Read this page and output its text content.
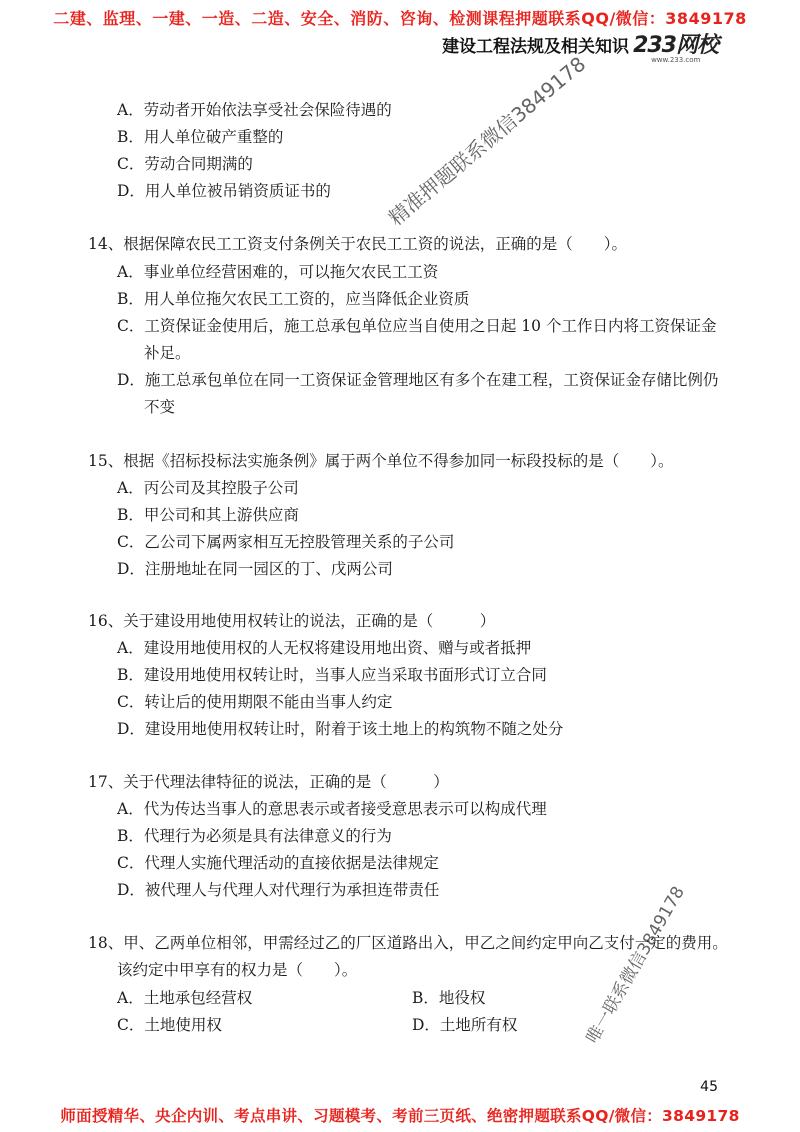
二建、监理、一建、一造、二造、安全、消防、咨询、检测课程押题联系QQ/微信：3849178
建设工程法规及相关知识 233网校
www.233.com
A．劳动者开始依法享受社会保险待遇的
B．用人单位破产重整的
C．劳动合同期满的
D．用人单位被吊销资质证书的
14、根据保障农民工工资支付条例关于农民工工资的说法，正确的是（　　）。
A．事业单位经营困难的，可以拖欠农民工工资
B．用人单位拖欠农民工工资的，应当降低企业资质
C．工资保证金使用后，施工总承包单位应当自使用之日起 10 个工作日内将工资保证金
补足。
D．施工总承包单位在同一工资保证金管理地区有多个在建工程，工资保证金存储比例仍
不变
15、根据《招标投标法实施条例》属于两个单位不得参加同一标段投标的是（　　）。
A．丙公司及其控股子公司
B．甲公司和其上游供应商
C．乙公司下属两家相互无控股管理关系的子公司
D．注册地址在同一园区的丁、戊两公司
16、关于建设用地使用权转让的说法，正确的是（　　　）
A．建设用地使用权的人无权将建设用地出资、赠与或者抵押
B．建设用地使用权转让时，当事人应当采取书面形式订立合同
C．转让后的使用期限不能由当事人约定
D．建设用地使用权转让时，附着于该土地上的构筑物不随之处分
17、关于代理法律特征的说法，正确的是（　　　）
A．代为传达当事人的意思表示或者接受意思表示可以构成代理
B．代理行为必须是具有法律意义的行为
C．代理人实施代理活动的直接依据是法律规定
D．被代理人与代理人对代理行为承担连带责任
18、甲、乙两单位相邻，甲需经过乙的厂区道路出入，甲乙之间约定甲向乙支付一定的费用。
该约定中甲享有的权力是（　　）。
A．土地承包经营权	B．地役权
C．土地使用权	D．土地所有权
精准押题联系微信3849178
唯一联系微信3849178
45
师面授精华、央企内训、考点串讲、习题模考、考前三页纸、绝密押题联系QQ/微信：3849178
